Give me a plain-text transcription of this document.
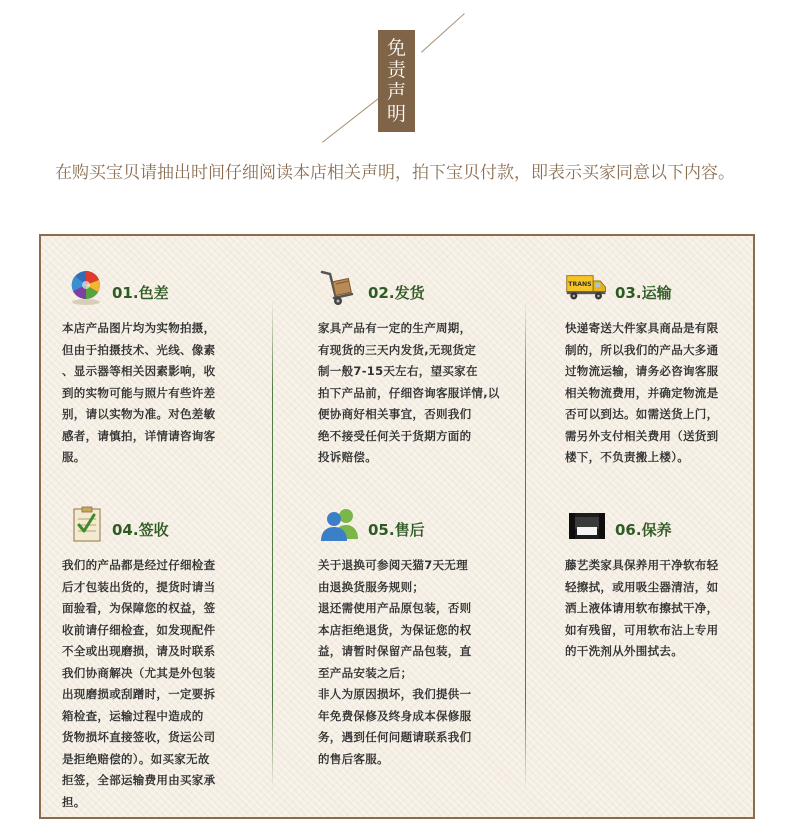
免
责
声
明
在购买宝贝请抽出时间仔细阅读本店相关声明，拍下宝贝付款，即表示买家同意以下内容。
01.色差
本店产品图片均为实物拍摄，
但由于拍摄技术、光线、像素
、显示器等相关因素影响，收
到的实物可能与照片有些许差
别，请以实物为准。对色差敏
感者，请慎拍，详情请咨询客
服。
02.发货
家具产品有一定的生产周期，
有现货的三天内发货,无现货定
制一般7-15天左右，望买家在
拍下产品前，仔细咨询客服详情,以
便协商好相关事宜，否则我们
绝不接受任何关于货期方面的
投诉赔偿。
TRANS 03.运输
快递寄送大件家具商品是有限
制的，所以我们的产品大多通
过物流运输，请务必咨询客服
相关物流费用，并确定物流是
否可以到达。如需送货上门，
需另外支付相关费用（送货到
楼下，不负责搬上楼）。
04.签收
我们的产品都是经过仔细检查
后才包装出货的，提货时请当
面验看，为保障您的权益，签
收前请仔细检查，如发现配件
不全或出现磨损，请及时联系
我们协商解决（尤其是外包装
出现磨损或刮蹭时，一定要拆
箱检查，运输过程中造成的
货物损坏直接签收，货运公司
是拒绝赔偿的）。如买家无故
拒签，全部运输费用由买家承
担。
05.售后
关于退换可参阅天猫7天无理
由退换货服务规则；
退还需使用产品原包装，否则
本店拒绝退货，为保证您的权
益，请暂时保留产品包装，直
至产品安装之后；
非人为原因损坏，我们提供一
年免费保修及终身成本保修服
务，遇到任何问题请联系我们
的售后客服。
06.保养
藤艺类家具保养用干净软布轻
轻擦拭，或用吸尘器清洁，如
洒上液体请用软布擦拭干净，
如有残留，可用软布沾上专用
的干洗剂从外围拭去。
